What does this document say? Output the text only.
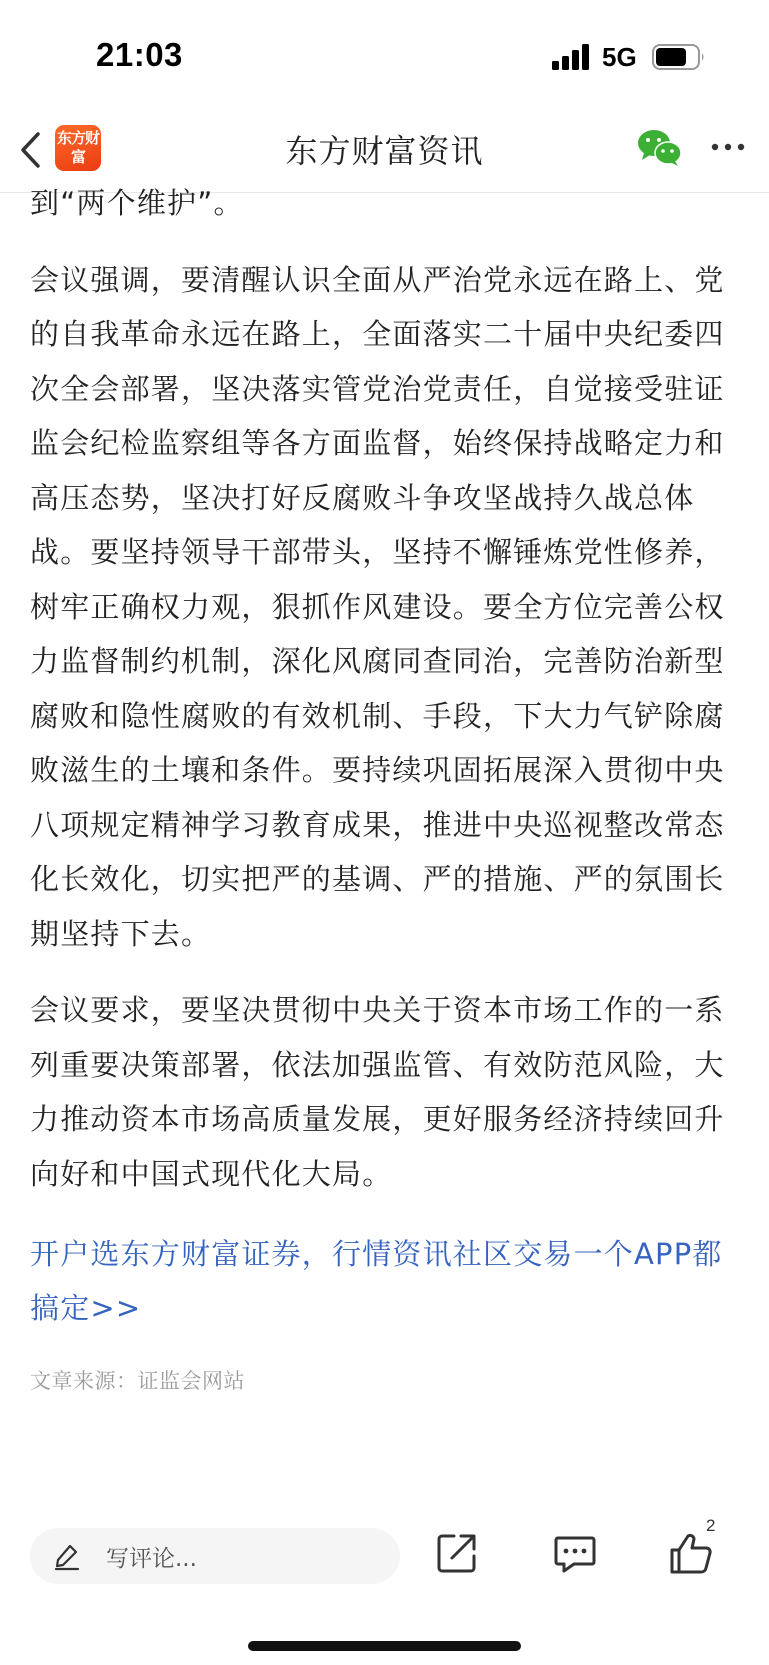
21:03	5G
东方财富	东方财富资讯

到“两个维护”。

会议强调，要清醒认识全面从严治党永远在路上、党的自我革命永远在路上，全面落实二十届中央纪委四次全会部署，坚决落实管党治党责任，自觉接受驻证监会纪检监察组等各方面监督，始终保持战略定力和高压态势，坚决打好反腐败斗争攻坚战持久战总体战。要坚持领导干部带头，坚持不懈锤炼党性修养，树牢正确权力观，狠抓作风建设。要全方位完善公权力监督制约机制，深化风腐同查同治，完善防治新型腐败和隐性腐败的有效机制、手段，下大力气铲除腐败滋生的土壤和条件。要持续巩固拓展深入贯彻中央八项规定精神学习教育成果，推进中央巡视整改常态化长效化，切实把严的基调、严的措施、严的氛围长期坚持下去。

会议要求，要坚决贯彻中央关于资本市场工作的一系列重要决策部署，依法加强监管、有效防范风险，大力推动资本市场高质量发展，更好服务经济持续回升向好和中国式现代化大局。

开户选东方财富证券，行情资讯社区交易一个APP都搞定>>
文章来源：证监会网站
写评论...
2
